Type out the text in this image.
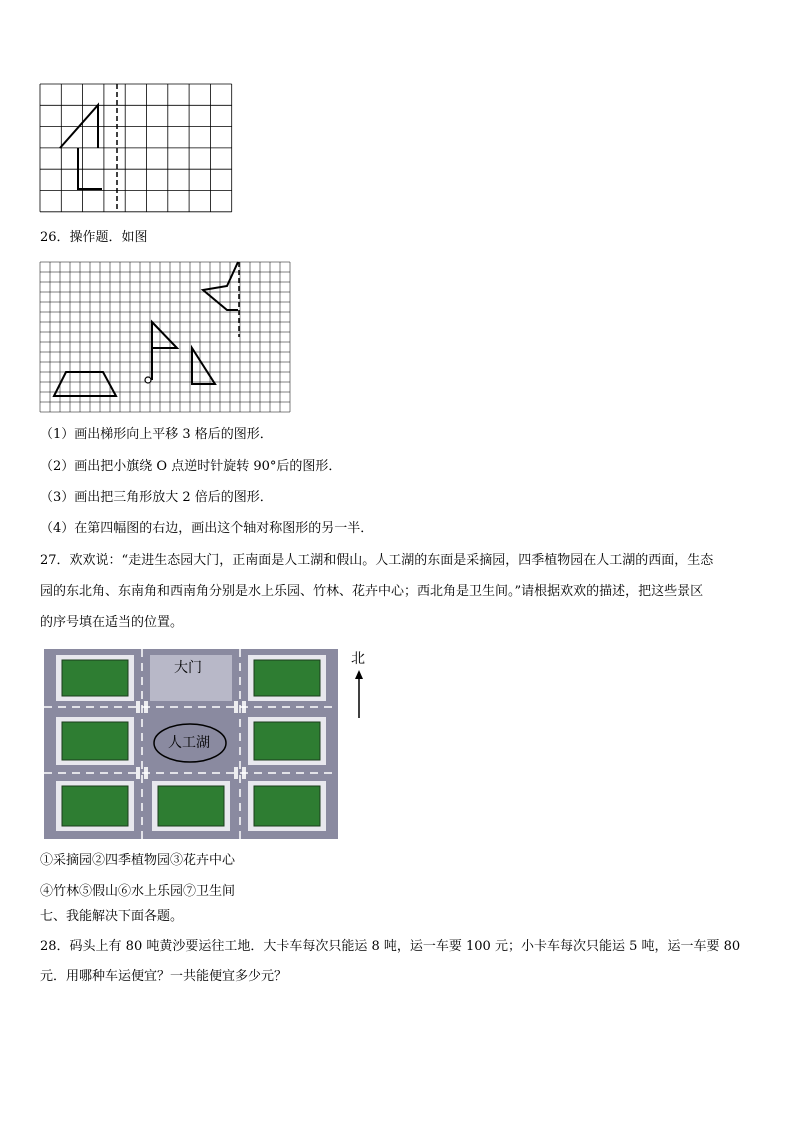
26．操作题．如图
（1）画出梯形向上平移 3 格后的图形．
（2）画出把小旗绕 O 点逆时针旋转 90°后的图形．
（3）画出把三角形放大 2 倍后的图形．
（4）在第四幅图的右边，画出这个轴对称图形的另一半．
27．欢欢说：“走进生态园大门，正南面是人工湖和假山。人工湖的东面是采摘园，四季植物园在人工湖的西面，生态
园的东北角、东南角和西南角分别是水上乐园、竹林、花卉中心；西北角是卫生间。”请根据欢欢的描述，把这些景区
的序号填在适当的位置。
大门
人工湖
北
①采摘园②四季植物园③花卉中心
④竹林⑤假山⑥水上乐园⑦卫生间
七、我能解决下面各题。
28．码头上有 80 吨黄沙要运往工地．大卡车每次只能运 8 吨，运一车要 100 元；小卡车每次只能运 5 吨，运一车要 80
元．用哪种车运便宜？一共能便宜多少元？
